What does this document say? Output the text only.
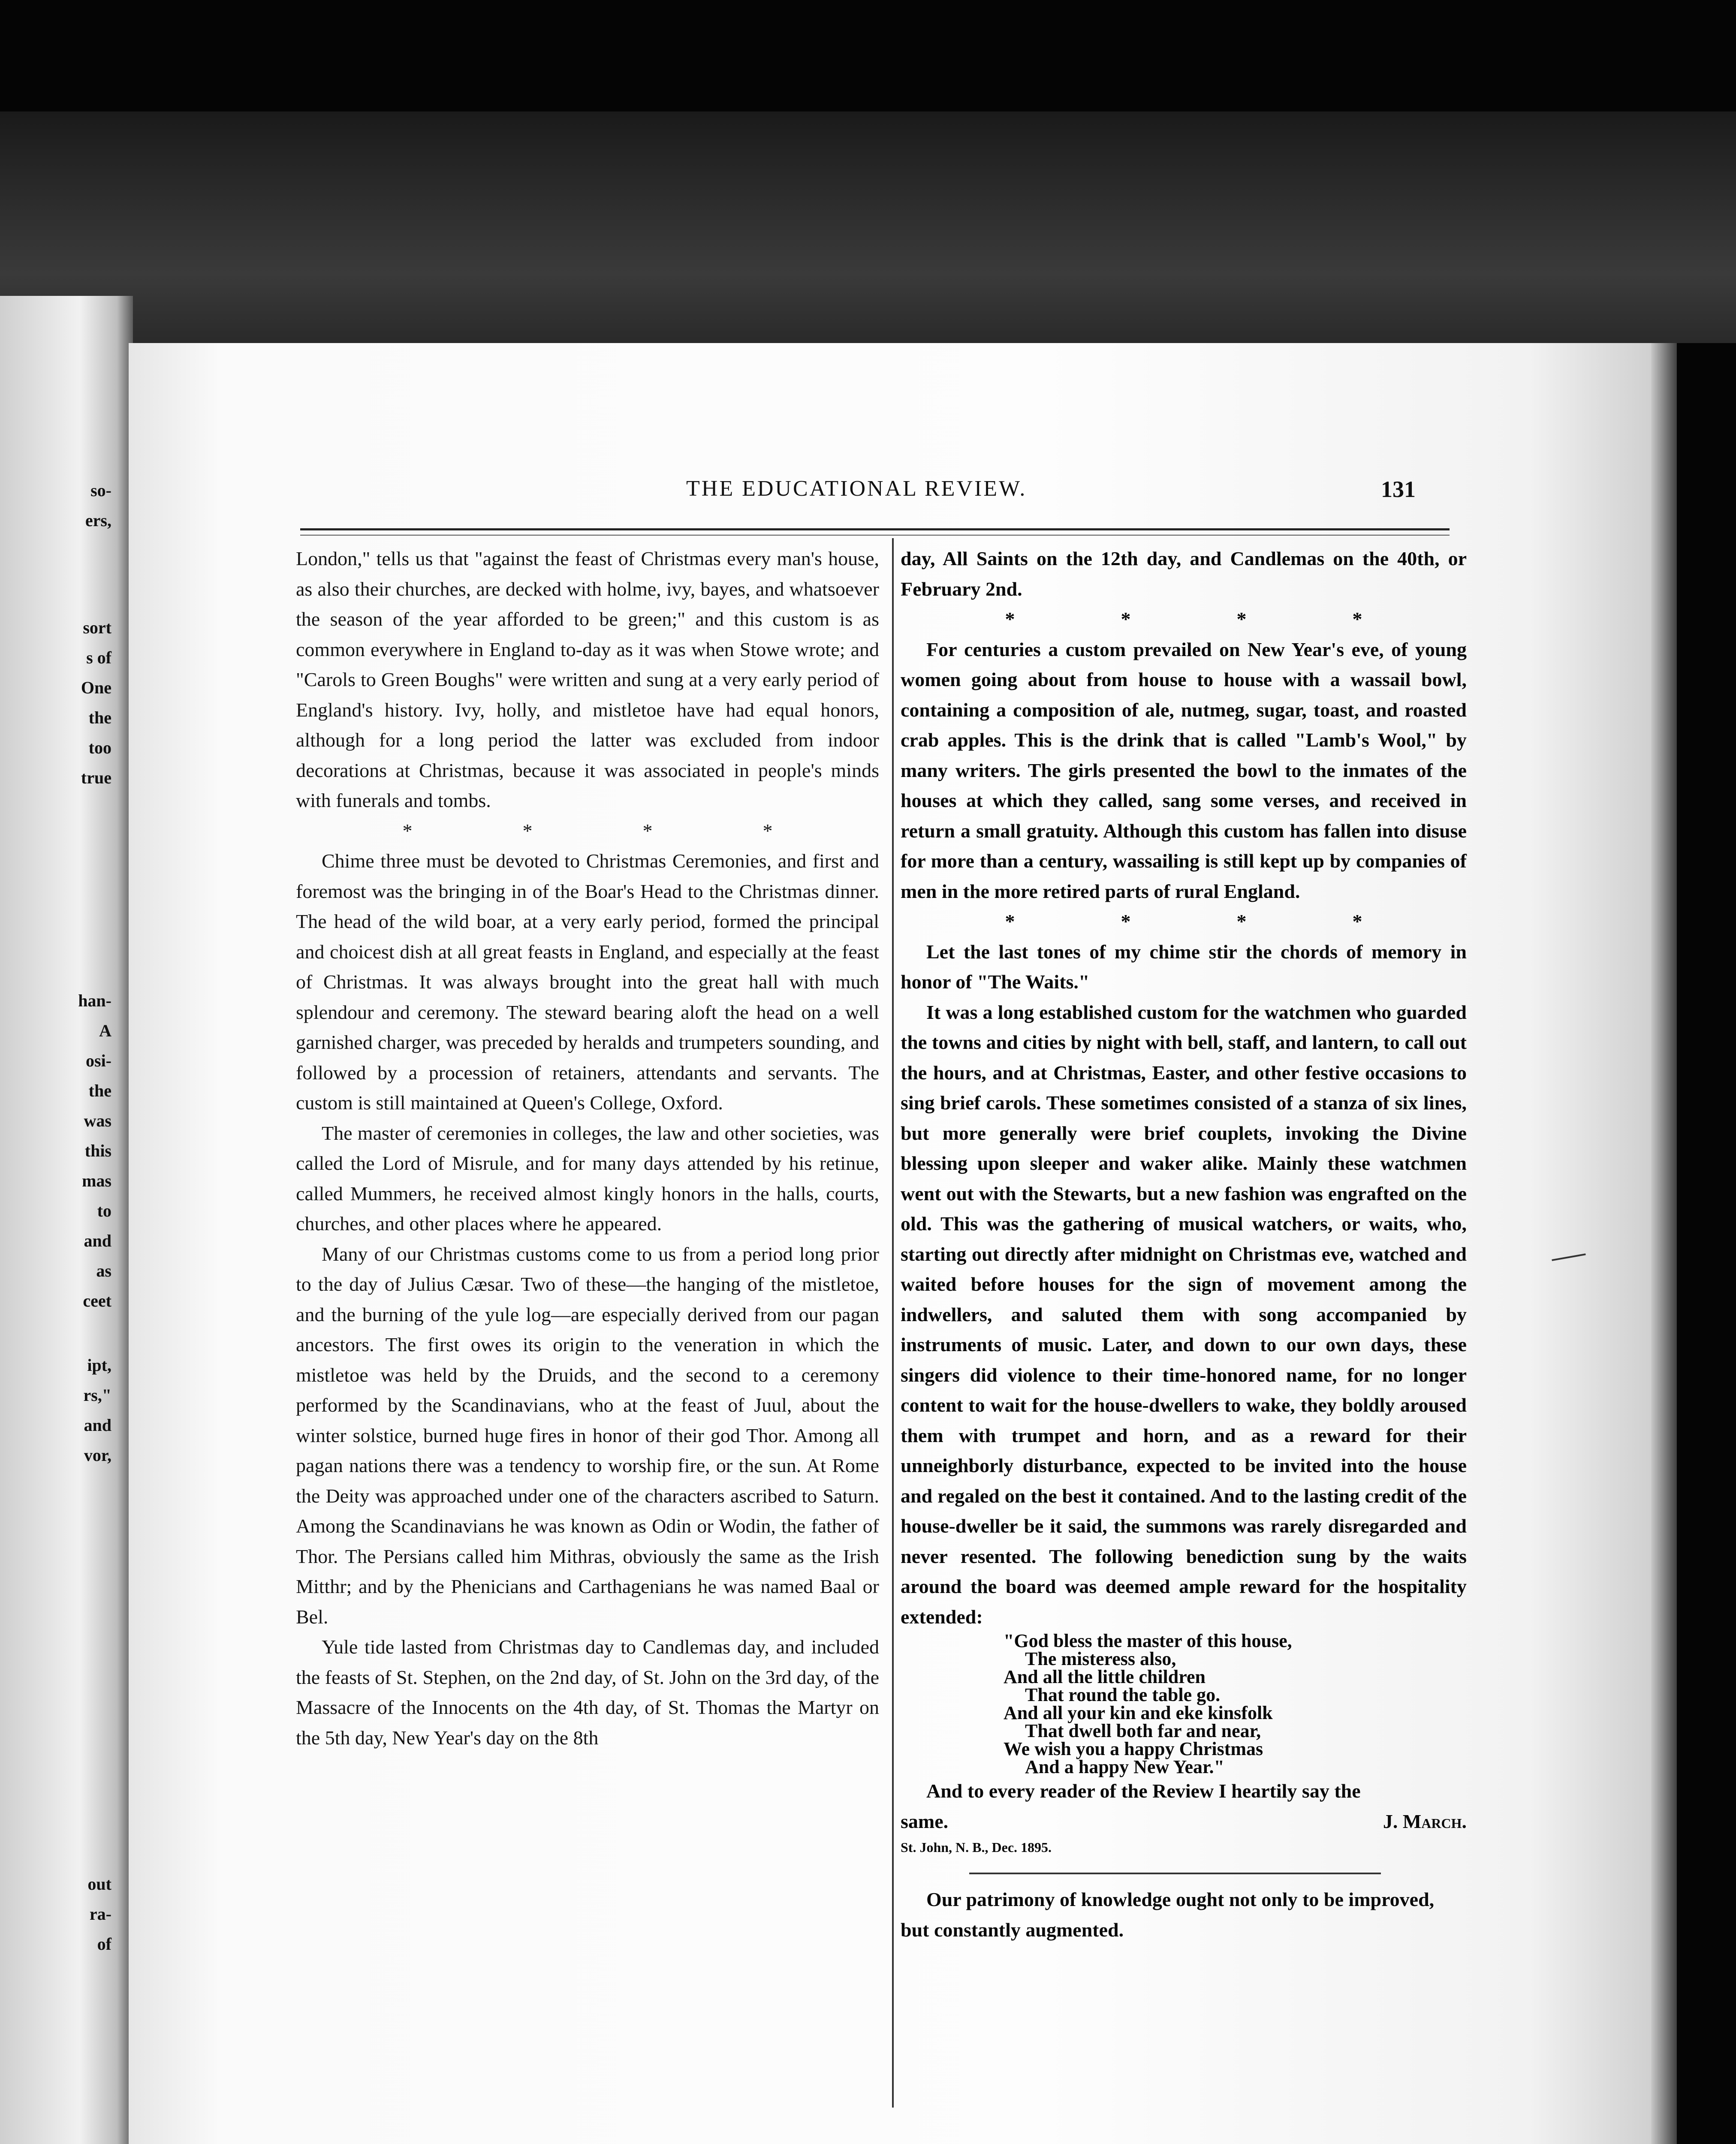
so-
ers,
sort
s of
One
the
too
true
han-
A
osi-
the
was
this
mas
to
and
as
ceet
ipt,
rs,"
and
vor,
out
ra-
of
THE EDUCATIONAL REVIEW.	131

London," tells us that "against the feast of Christmas every man's house, as also their churches, are decked with holme, ivy, bayes, and whatsoever the season of the year afforded to be green;" and this custom is as common everywhere in England to-day as it was when Stowe wrote; and "Carols to Green Boughs" were written and sung at a very early period of England's history. Ivy, holly, and mistletoe have had equal honors, although for a long period the latter was excluded from indoor decorations at Christmas, because it was associated in people's minds with funerals and tombs.

*	*	*	*

Chime three must be devoted to Christmas Ceremonies, and first and foremost was the bringing in of the Boar's Head to the Christmas dinner. The head of the wild boar, at a very early period, formed the principal and choicest dish at all great feasts in England, and especially at the feast of Christmas. It was always brought into the great hall with much splendour and ceremony. The steward bearing aloft the head on a well garnished charger, was preceded by heralds and trumpeters sounding, and followed by a procession of retainers, attendants and servants. The custom is still maintained at Queen's College, Oxford.

The master of ceremonies in colleges, the law and other societies, was called the Lord of Misrule, and for many days attended by his retinue, called Mummers, he received almost kingly honors in the halls, courts, churches, and other places where he appeared.

Many of our Christmas customs come to us from a period long prior to the day of Julius Cæsar. Two of these—the hanging of the mistletoe, and the burning of the yule log—are especially derived from our pagan ancestors. The first owes its origin to the veneration in which the mistletoe was held by the Druids, and the second to a ceremony performed by the Scandinavians, who at the feast of Juul, about the winter solstice, burned huge fires in honor of their god Thor. Among all pagan nations there was a tendency to worship fire, or the sun. At Rome the Deity was approached under one of the characters ascribed to Saturn. Among the Scandinavians he was known as Odin or Wodin, the father of Thor. The Persians called him Mithras, obviously the same as the Irish Mitthr; and by the Phenicians and Carthagenians he was named Baal or Bel.

Yule tide lasted from Christmas day to Candlemas day, and included the feasts of St. Stephen, on the 2nd day, of St. John on the 3rd day, of the Massacre of the Innocents on the 4th day, of St. Thomas the Martyr on the 5th day, New Year's day on the 8th

day, All Saints on the 12th day, and Candlemas on the 40th, or February 2nd.

*	*	*	*

For centuries a custom prevailed on New Year's eve, of young women going about from house to house with a wassail bowl, containing a composition of ale, nutmeg, sugar, toast, and roasted crab apples. This is the drink that is called "Lamb's Wool," by many writers. The girls presented the bowl to the inmates of the houses at which they called, sang some verses, and received in return a small gratuity. Although this custom has fallen into disuse for more than a century, wassailing is still kept up by companies of men in the more retired parts of rural England.

*	*	*	*

Let the last tones of my chime stir the chords of memory in honor of "The Waits."

It was a long established custom for the watchmen who guarded the towns and cities by night with bell, staff, and lantern, to call out the hours, and at Christmas, Easter, and other festive occasions to sing brief carols. These sometimes consisted of a stanza of six lines, but more generally were brief couplets, invoking the Divine blessing upon sleeper and waker alike. Mainly these watchmen went out with the Stewarts, but a new fashion was engrafted on the old. This was the gathering of musical watchers, or waits, who, starting out directly after midnight on Christmas eve, watched and waited before houses for the sign of movement among the indwellers, and saluted them with song accompanied by instruments of music. Later, and down to our own days, these singers did violence to their time-honored name, for no longer content to wait for the house-dwellers to wake, they boldly aroused them with trumpet and horn, and as a reward for their unneighborly disturbance, expected to be invited into the house and regaled on the best it contained. And to the lasting credit of the house-dweller be it said, the summons was rarely disregarded and never resented. The following benediction sung by the waits around the board was deemed ample reward for the hospitality extended:

"God bless the master of this house,
The misteress also,
And all the little children
That round the table go.
And all your kin and eke kinsfolk
That dwell both far and near,
We wish you a happy Christmas
And a happy New Year."

And to every reader of the Review I heartily say the

same.	J. March.

St. John, N. B., Dec. 1895.

Our patrimony of knowledge ought not only to be improved, but constantly augmented.
